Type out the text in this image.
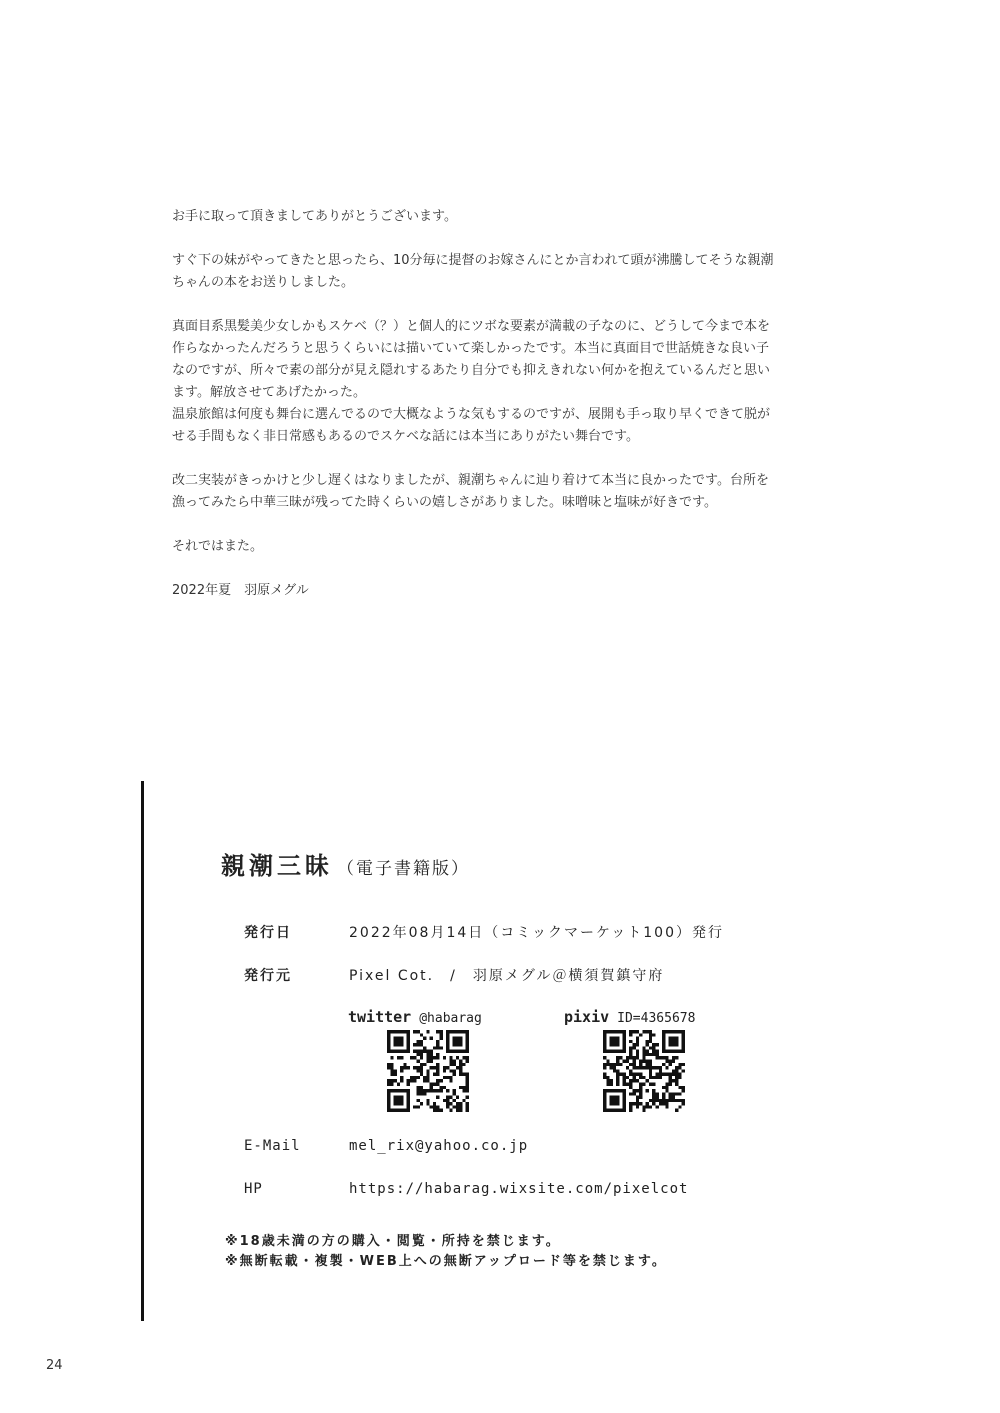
お手に取って頂きましてありがとうございます。

すぐ下の妹がやってきたと思ったら、10分毎に提督のお嫁さんにとか言われて頭が沸騰してそうな親潮
ちゃんの本をお送りしました。

真面目系黒髪美少女しかもスケベ（？）と個人的にツボな要素が満載の子なのに、どうして今まで本を
作らなかったんだろうと思うくらいには描いていて楽しかったです。本当に真面目で世話焼きな良い子
なのですが、所々で素の部分が見え隠れするあたり自分でも抑えきれない何かを抱えているんだと思い
ます。解放させてあげたかった。

温泉旅館は何度も舞台に選んでるので大概なような気もするのですが、展開も手っ取り早くできて脱が
せる手間もなく非日常感もあるのでスケベな話には本当にありがたい舞台です。

改二実装がきっかけと少し遅くはなりましたが、親潮ちゃんに辿り着けて本当に良かったです。台所を
漁ってみたら中華三昧が残ってた時くらいの嬉しさがありました。味噌味と塩味が好きです。

それではまた。

2022年夏　羽原メグル

親潮三昧 （電子書籍版）
発行日	2022年08月14日（コミックマーケット100）発行
発行元	Pixel Cot.　/　羽原メグル＠横須賀鎮守府
twitter @habarag	pixiv ID=4365678
E-Mail	mel_rix@yahoo.co.jp
HP	https://habarag.wixsite.com/pixelcot
※18歳未満の方の購入・閲覧・所持を禁じます。
※無断転載・複製・WEB上への無断アップロード等を禁じます。
24
